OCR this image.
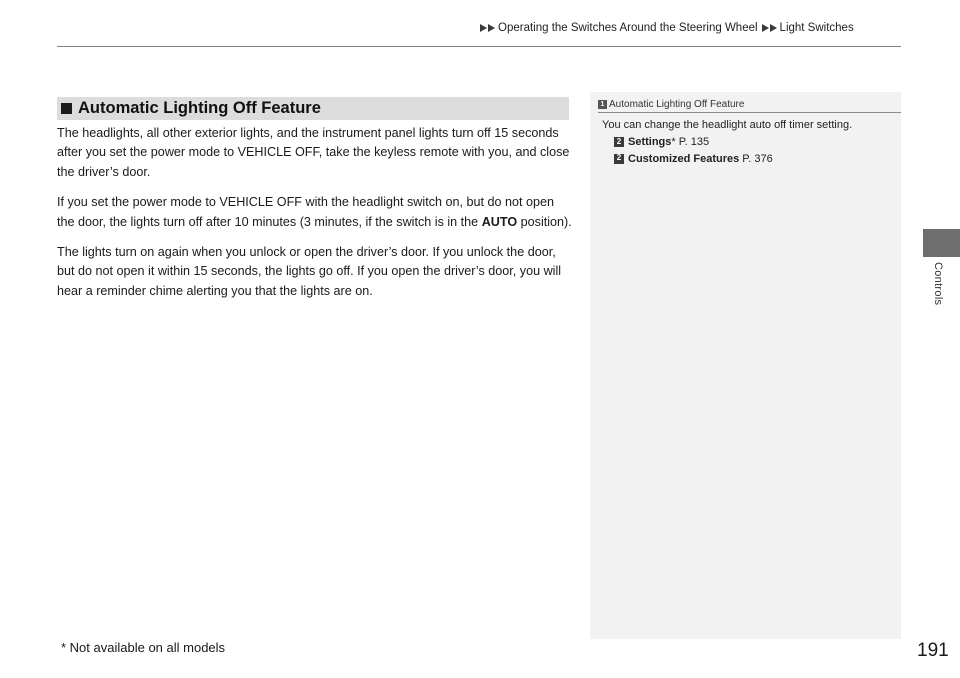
Operating the Switches Around the Steering Wheel Light Switches
Controls
Automatic Lighting Off Feature

The headlights, all other exterior lights, and the instrument panel lights turn off 15 seconds after you set the power mode to VEHICLE OFF, take the keyless remote with you, and close the driver’s door.

If you set the power mode to VEHICLE OFF with the headlight switch on, but do not open the door, the lights turn off after 10 minutes (3 minutes, if the switch is in the AUTO position).

The lights turn on again when you unlock or open the driver’s door. If you unlock the door, but do not open it within 15 seconds, the lights go off. If you open the driver’s door, you will hear a reminder chime alerting you that the lights are on.

1 Automatic Lighting Off Feature
You can change the headlight auto off timer setting.
2 Settings* P. 135
2 Customized Features P. 376
* Not available on all models	191
